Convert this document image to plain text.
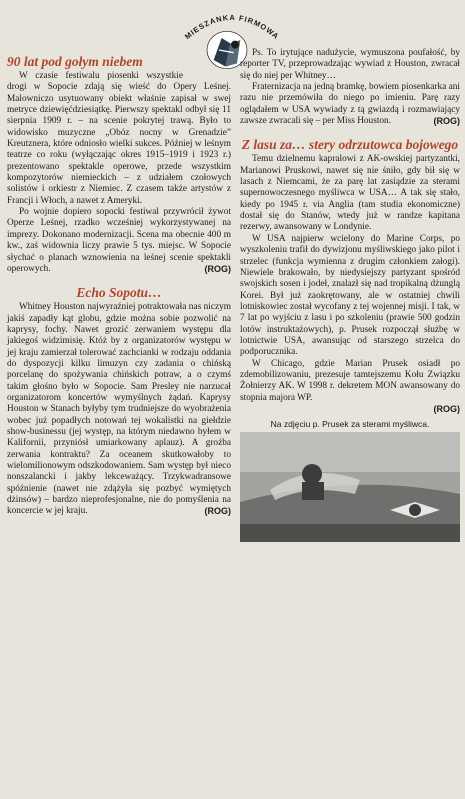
MIESZANKA FIRMOWA
90 lat pod gołym niebem

W czasie festiwalu piosenki wszystkie drogi w Sopocie zdają się wieść do Opery Leśnej. Malowniczo usytuowany obiekt właśnie zapisał w swej metryce dziewięćdziesiątkę. Pierwszy spektakl odbył się 11 sierpnia 1909 r. – na scenie pokrytej trawą. Było to widowisko muzyczne „Obóz nocny w Grenadzie” Kreutznera, które odniosło wielki sukces. Później w leśnym teatrze co roku (wyłączając okres 1915–1919 i 1923 r.) prezentowano spektakle operowe, przede wszystkim kompozytorów niemieckich – z udziałem czołowych solistów i orkiestr z Niemiec. Z czasem także artystów z Francji i Włoch, a nawet z Ameryki.

Po wojnie dopiero sopocki festiwal przywrócił żywot Operze Leśnej, rzadko wcześniej wykorzystywanej na imprezy. Dokonano modernizacji. Scena ma obecnie 400 m kw., zaś widownia liczy prawie 5 tys. miejsc. W Sopocie słychać o planach wznowienia na leśnej scenie spektakli operowych.	(ROG)

Echo Sopotu…

Whitney Houston najwyraźniej potraktowała nas niczym jakiś zapadły kąt globu, gdzie można sobie pozwolić na kaprysy, fochy. Nawet grozić zerwaniem występu dla jakiegoś widzimisię. Któż by z organizatorów występu w jej kraju zamierzał tolerować zachcianki w rodzaju oddania do dyspozycji kilku limuzyn czy zadania o chińską porcelanę do spożywania chińskich potraw, a o czymś takim głośno było w Sopocie. Sam Presley nie narzucał organizatorom koncertów wymyślnych żądań. Kaprysy Houston w Stanach byłyby tym trudniejsze do wyobrażenia wobec już popadłych notowań tej wokalistki na giełdzie show-businessu (jej występ, na którym niedawno byłem w Kalifornii, przyniósł umiarkowany aplauz). A groźba zerwania kontraktu? Za oceanem skutkowałoby to wielomilionowym odszkodowaniem. Sam występ był nieco nonszalancki i jakby lekceważący. Trzykwadransowe spóźnienie (nawet nie zdążyła się pozbyć wymiętych dżinsów) – bardzo nieprofesjonalne, nie do pomyślenia na koncercie w jej kraju.	(ROG)

Ps. To irytujące nadużycie, wymuszona poufałość, by reporter TV, przeprowadzając wywiad z Houston, zwracał się do niej per Whitney…

Fraternizacja na jedną bramkę, bowiem piosenkarka ani razu nie przemówiła do niego po imieniu. Parę razy oglądałem w USA wywiady z tą gwiazdą i rozmawiający zawsze zwracali się – per Miss Houston.	(ROG)

Z lasu za… stery odrzutowca bojowego

Temu dzielnemu kapralowi z AK-owskiej partyzantki, Marianowi Pruskowi, nawet się nie śniło, gdy bił się w lasach z Niemcami, że za parę lat zasiądzie za sterami supernowoczesnego myśliwca w USA… A tak się stało, kiedy po 1945 r. via Anglia (tam studia ekonomiczne) dostał się do Stanów, wtedy już w randze kapitana rezerwy, awansowany w Londynie.

W USA najpierw wcielony do Marine Corps, po wyszkoleniu trafił do dywizjonu myśliwskiego jako pilot i strzelec (funkcja wymienna z drugim członkiem załogi). Niewiele brakowało, by niedysiejszy partyzant spośród swojskich sosen i jodeł, znalazł się nad tropikalną dżunglą Korei. Był już zaokrętowany, ale w ostatniej chwili lotniskowiec został wycofany z tej wojennej misji. I tak, w 7 lat po wyjściu z lasu i po szkoleniu (prawie 500 godzin lotów instruktażowych), p. Prusek rozpoczął służbę w lotnictwie USA, awansując od starszego strzelca do podporucznika.

W Chicago, gdzie Marian Prusek osiadł po zdemobilizowaniu, prezesuje tamtejszemu Kołu Związku Żołnierzy AK. W 1998 r. dekretem MON awansowany do stopnia majora WP.

(ROG)
Na zdjęciu p. Prusek za sterami myśliwca.
